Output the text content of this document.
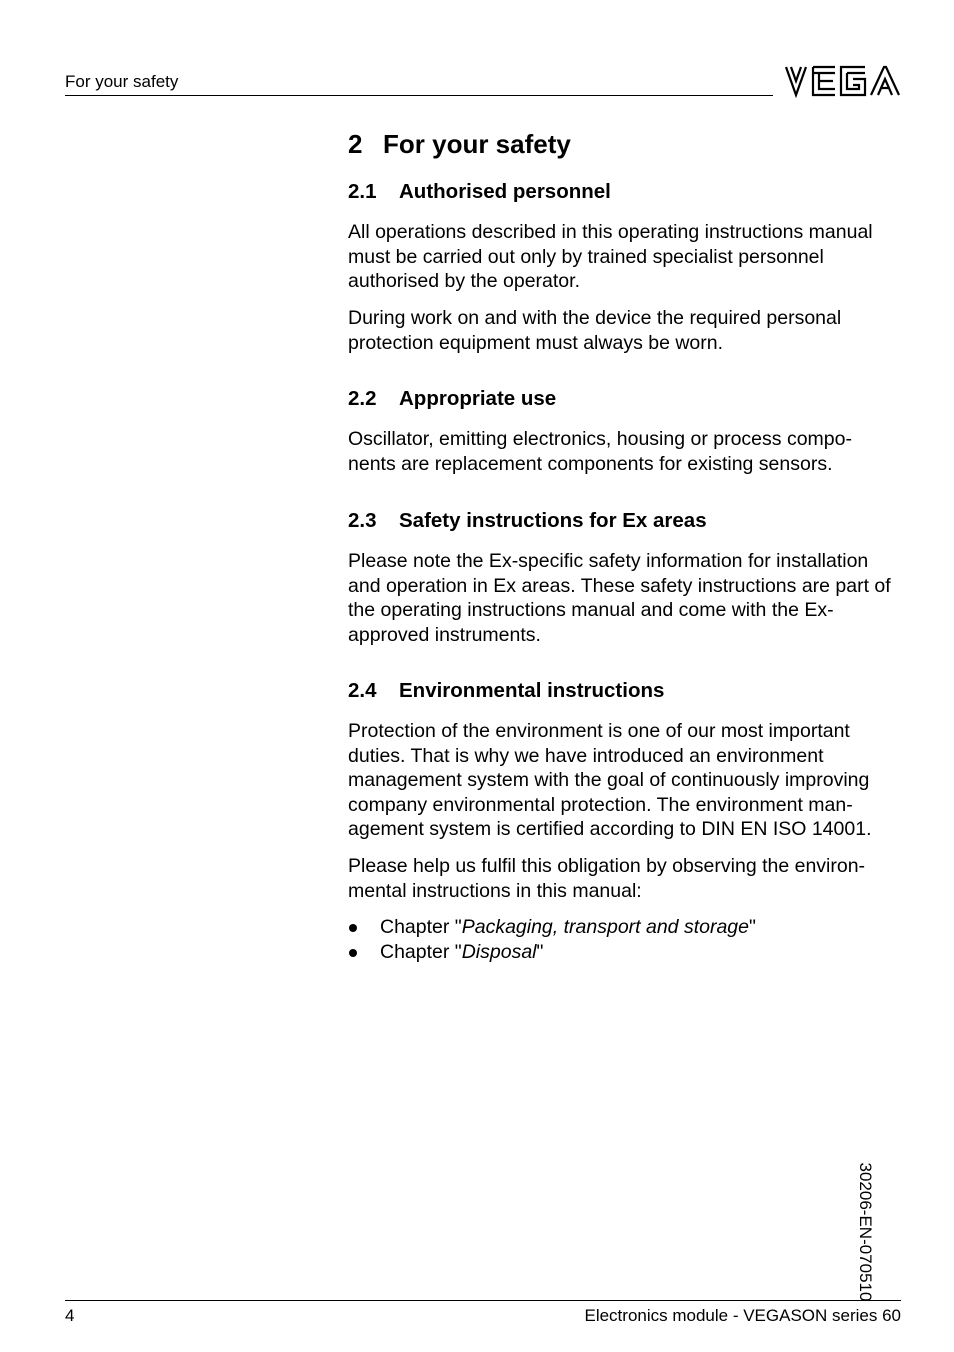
For your safety
2 For your safety
2.1 Authorised personnel
All operations described in this operating instructions manual
must be carried out only by trained specialist personnel
authorised by the operator.
During work on and with the device the required personal
protection equipment must always be worn.
2.2 Appropriate use
Oscillator, emitting electronics, housing or process compo-
nents are replacement components for existing sensors.
2.3 Safety instructions for Ex areas
Please note the Ex-specific safety information for installation
and operation in Ex areas. These safety instructions are part of
the operating instructions manual and come with the Ex-
approved instruments.
2.4 Environmental instructions
Protection of the environment is one of our most important
duties. That is why we have introduced an environment
management system with the goal of continuously improving
company environmental protection. The environment man-
agement system is certified according to DIN EN ISO 14001.
Please help us fulfil this obligation by observing the environ-
mental instructions in this manual:
Chapter "Packaging, transport and storage"
Chapter "Disposal"
30206-EN-070510
4	Electronics module - VEGASON series 60
